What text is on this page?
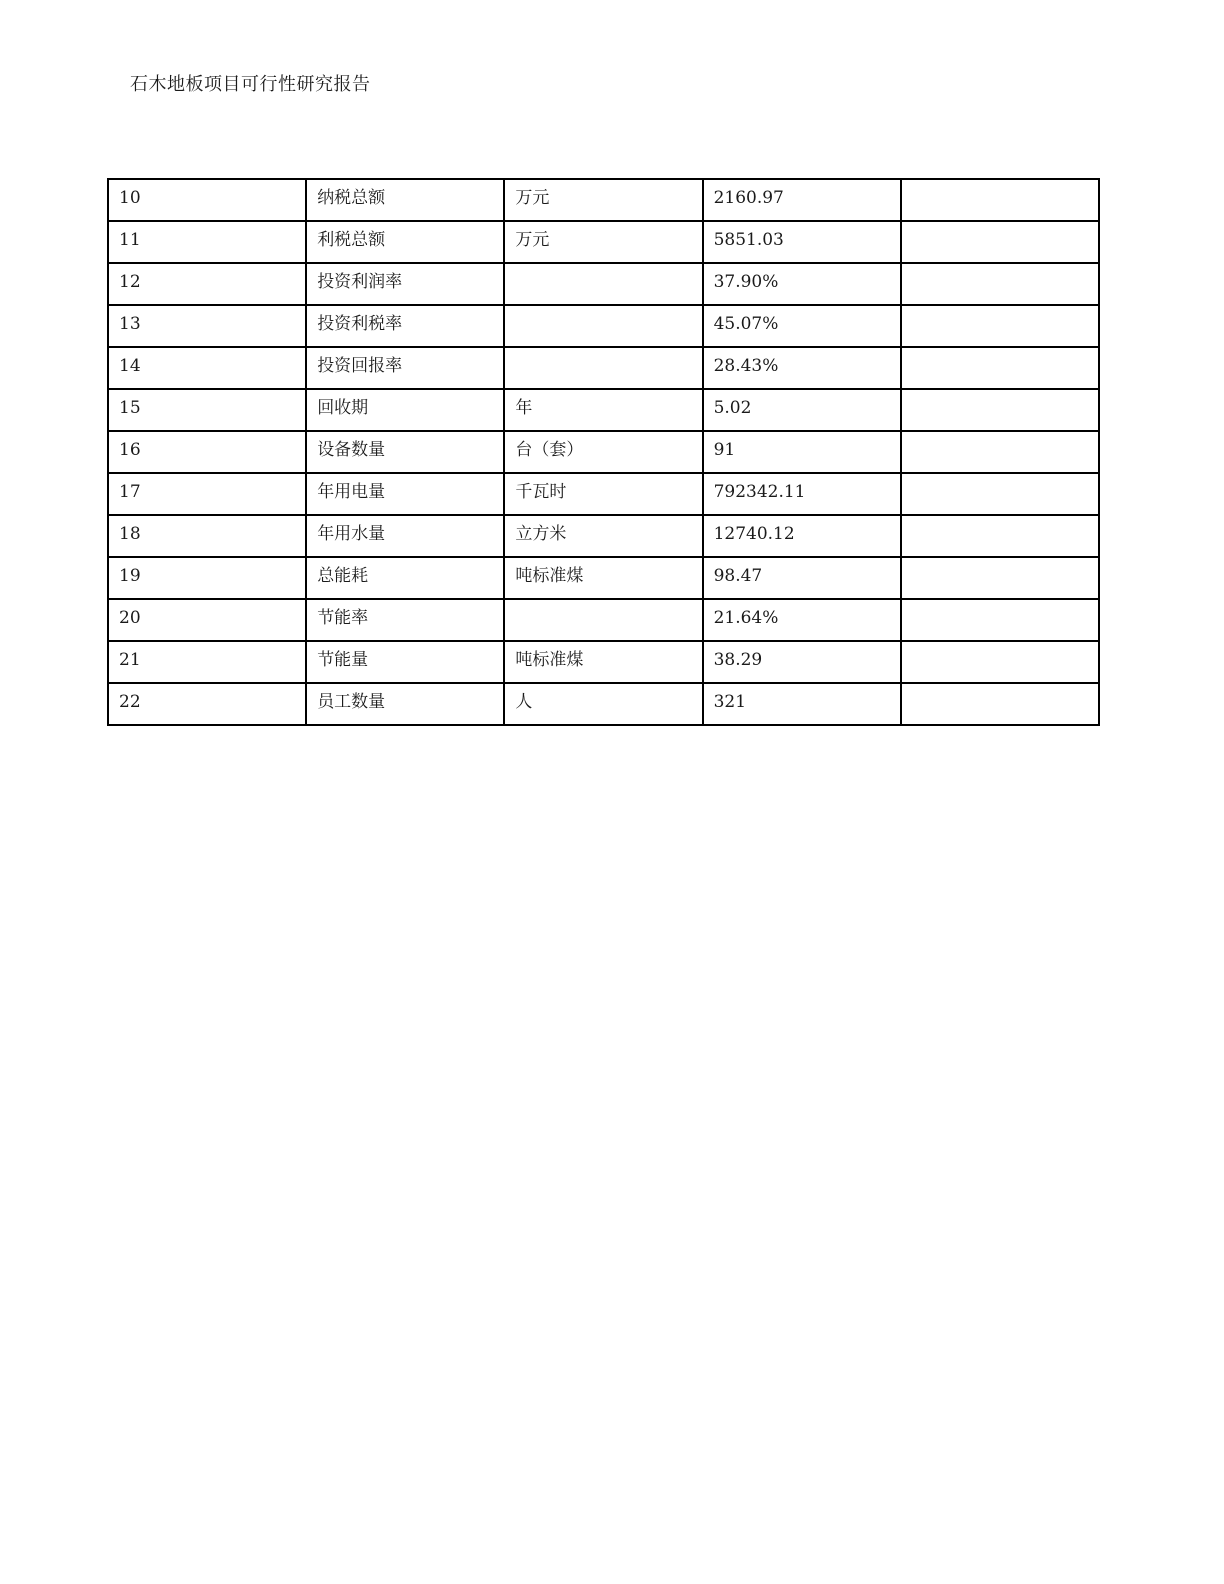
石木地板项目可行性研究报告
10	纳税总额	万元	2160.97	
11	利税总额	万元	5851.03	
12	投资利润率		37.90%	
13	投资利税率		45.07%	
14	投资回报率		28.43%	
15	回收期	年	5.02	
16	设备数量	台（套）	91	
17	年用电量	千瓦时	792342.11	
18	年用水量	立方米	12740.12	
19	总能耗	吨标准煤	98.47	
20	节能率		21.64%	
21	节能量	吨标准煤	38.29	
22	员工数量	人	321	
